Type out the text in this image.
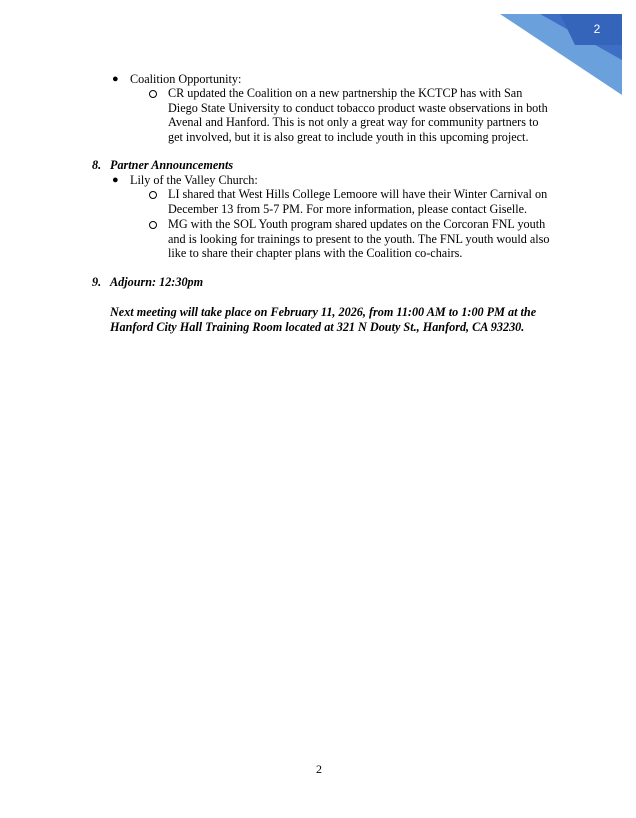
2
● Coalition Opportunity:
CR updated the Coalition on a new partnership the KCTCP has with San
Diego State University to conduct tobacco product waste observations in both
Avenal and Hanford. This is not only a great way for community partners to
get involved, but it is also great to include youth in this upcoming project.
8. Partner Announcements
● Lily of the Valley Church:
LI shared that West Hills College Lemoore will have their Winter Carnival on
December 13 from 5-7 PM. For more information, please contact Giselle.
MG with the SOL Youth program shared updates on the Corcoran FNL youth
and is looking for trainings to present to the youth. The FNL youth would also
like to share their chapter plans with the Coalition co-chairs.
9. Adjourn: 12:30pm
Next meeting will take place on February 11, 2026, from 11:00 AM to 1:00 PM at the
Hanford City Hall Training Room located at 321 N Douty St., Hanford, CA 93230.
2
